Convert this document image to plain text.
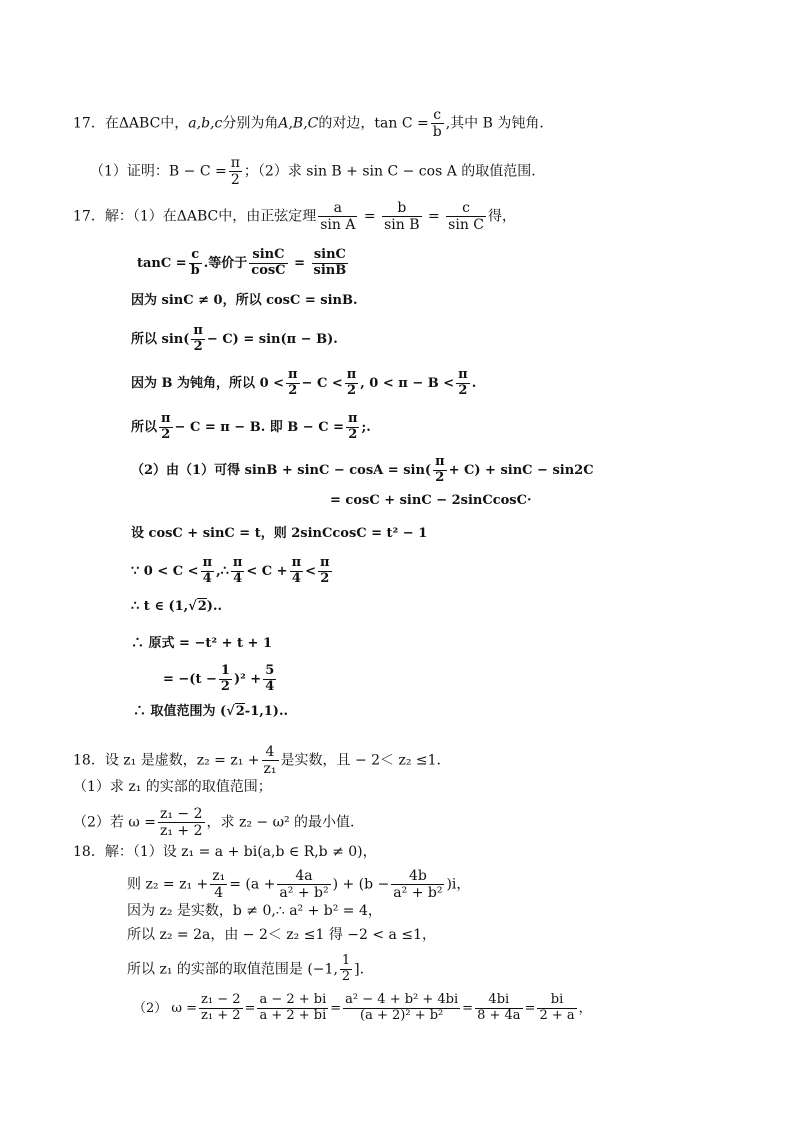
17．在ΔABC中，a,b,c分别为角A,B,C的对边，$\tan C = \frac{c}{b}$ ,其中 B 为钝角．
（1）证明：$B - C = \frac{\pi}{2}$ ；（2）求 sin B + sin C − cos A 的取值范围．
17．解：（1）在ΔABC中，由正弦定理 $\frac{a}{\text{sin A}} = \frac{b}{\text{sin B}} = \frac{c}{\text{sin C}}$ 得，
$\tan C = \frac{c}{b}$ .等价于 $\frac{\sin C}{\cos C} = \frac{\sin C}{\sin B}$
因为 sinC ≠ 0，所以 cosC = sinB.
所以 $\sin( \frac{\pi}{2} - C) = \sin(\pi - B)$.
因为 B 为钝角，所以 $0 < \frac{\pi}{2} - C < \frac{\pi}{2}$ , $0 < \pi - B < \frac{\pi}{2}$ .
所以 $\frac{\pi}{2} - C = \pi - B$. 即 $B - C = \frac{\pi}{2}$ ;.
（2）由（1）可得 $\sin B + \sin C - \cos A = \sin( \frac{\pi}{2} + C) + \sin C - \sin 2C$
= cosC + sinC − 2sinCcosC·
设 cosC + sinC = t，则 2sinCcosC = t² − 1
∵ $0 < C < \frac{\pi}{4}$ ,∴ $\frac{\pi}{4} < C + \frac{\pi}{4} < \frac{\pi}{2}$
∴ t ∈ (1,√2)..
∴ 原式 = −t² + t + 1
= $-(t - \frac{1}{2} )^2 + \frac{5}{4}$
∴ 取值范围为 (√2-1,1)..
18．设 z₁ 是虚数，$z_2 = z_1 + \frac{4}{\text{z₁}}$ 是实数，且 − 2＜ z₂ ≤1．
（1）求 z₁ 的实部的取值范围；
（2）若 $\omega = \frac{\text{z₁ − 2}}{\text{z₁ + 2}}$ ，求 z₂ − ω² 的最小值．
18．解：（1）设 z₁ = a + bi(a,b ∈ R,b ≠ 0)，
则 $z_2 = z_1 + \frac{\text{z₁}}{4} = (a + \frac{4a}{\text{a² + b²}}$ ) + $(b - \frac{4b}{\text{a² + b²}} )i$，
因为 z₂ 是实数，b ≠ 0,∴ a² + b² = 4，
所以 z₂ = 2a，由 − 2＜ z₂ ≤1 得 −2 < a ≤1，
所以 z₁ 的实部的取值范围是 (−1, $\frac{1}{2}$ ].
（2） $\omega = \frac{\text{z₁ − 2}}{\text{z₁ + 2}} = \frac{a - 2 + bi}{a + 2 + bi} = \frac{\text{a² − 4 + b² + 4bi}}{\text{(a + 2)² + b²}} = \frac{4bi}{8 + 4a} = \frac{bi}{2 + a}$ ，
